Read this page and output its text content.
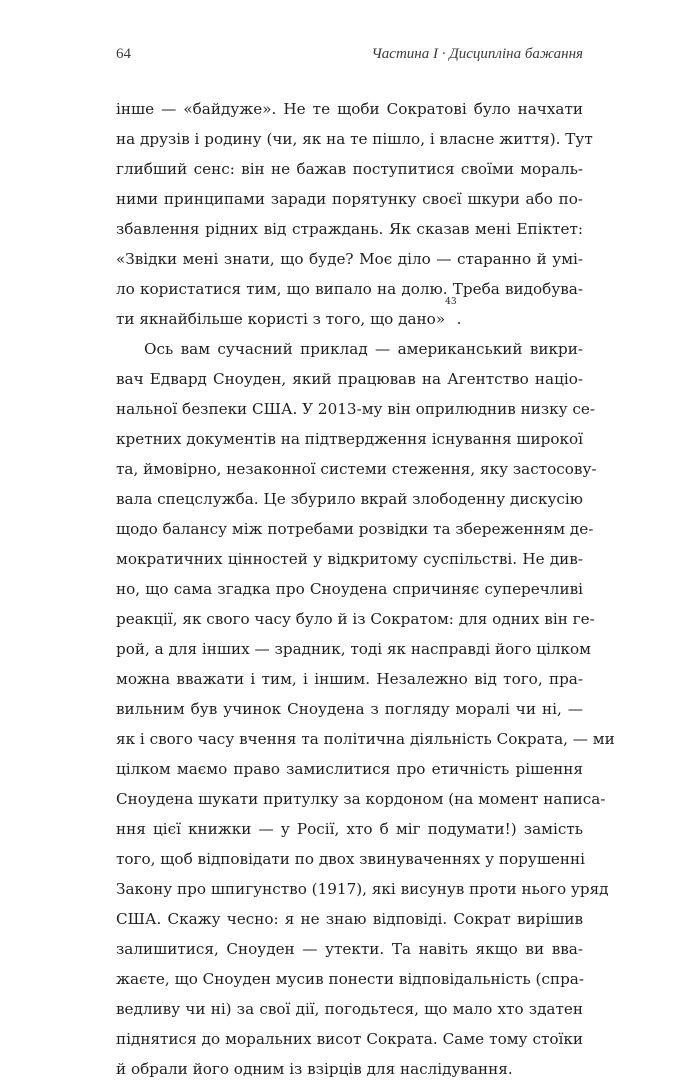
64	Частина I · Дисципліна бажання
інше — «байдуже». Не те щоби Сократові було начхати
на друзів і родину (чи, як на те пішло, і власне життя). Тут
глибший сенс: він не бажав поступитися своїми мораль-
ними принципами заради порятунку своєї шкури або по-
збавлення рідних від страждань. Як сказав мені Епіктет:
«Звідки мені знати, що буде? Моє діло — старанно й умі-
ло користатися тим, що випало на долю. Треба видобува-
ти якнайбільше користі з того, що дано»
$^{43}$
.
Ось вам сучасний приклад — американський викри-
вач Едвард Сноуден, який працював на Агентство націо-
нальної безпеки США. У 2013-му він оприлюднив низку се-
кретних документів на підтвердження існування широкої
та, ймовірно, незаконної системи стеження, яку застосову-
вала спецслужба. Це збурило вкрай злободенну дискусію
щодо балансу між потребами розвідки та збереженням де-
мократичних цінностей у відкритому суспільстві. Не див-
но, що сама згадка про Сноудена спричиняє суперечливі
реакції, як свого часу було й із Сократом: для одних він ге-
рой, а для інших — зрадник, тоді як насправді його цілком
можна вважати і тим, і іншим. Незалежно від того, пра-
вильним був учинок Сноудена з погляду моралі чи ні, —
як і свого часу вчення та політична діяльність Сократа, — ми
цілком маємо право замислитися про етичність рішення
Сноудена шукати притулку за кордоном (на момент написа-
ння цієї книжки — у Росії, хто б міг подумати!) замість
того, щоб відповідати по двох звинуваченнях у порушенні
Закону про шпигунство (1917), які висунув проти нього уряд
США. Скажу чесно: я не знаю відповіді. Сократ вирішив
залишитися, Сноуден — утекти. Та навіть якщо ви вва-
жаєте, що Сноуден мусив понести відповідальність (спра-
ведливу чи ні) за свої дії, погодьтеся, що мало хто здатен
піднятися до моральних висот Сократа. Саме тому стоїки
й обрали його одним із взірців для наслідування.
